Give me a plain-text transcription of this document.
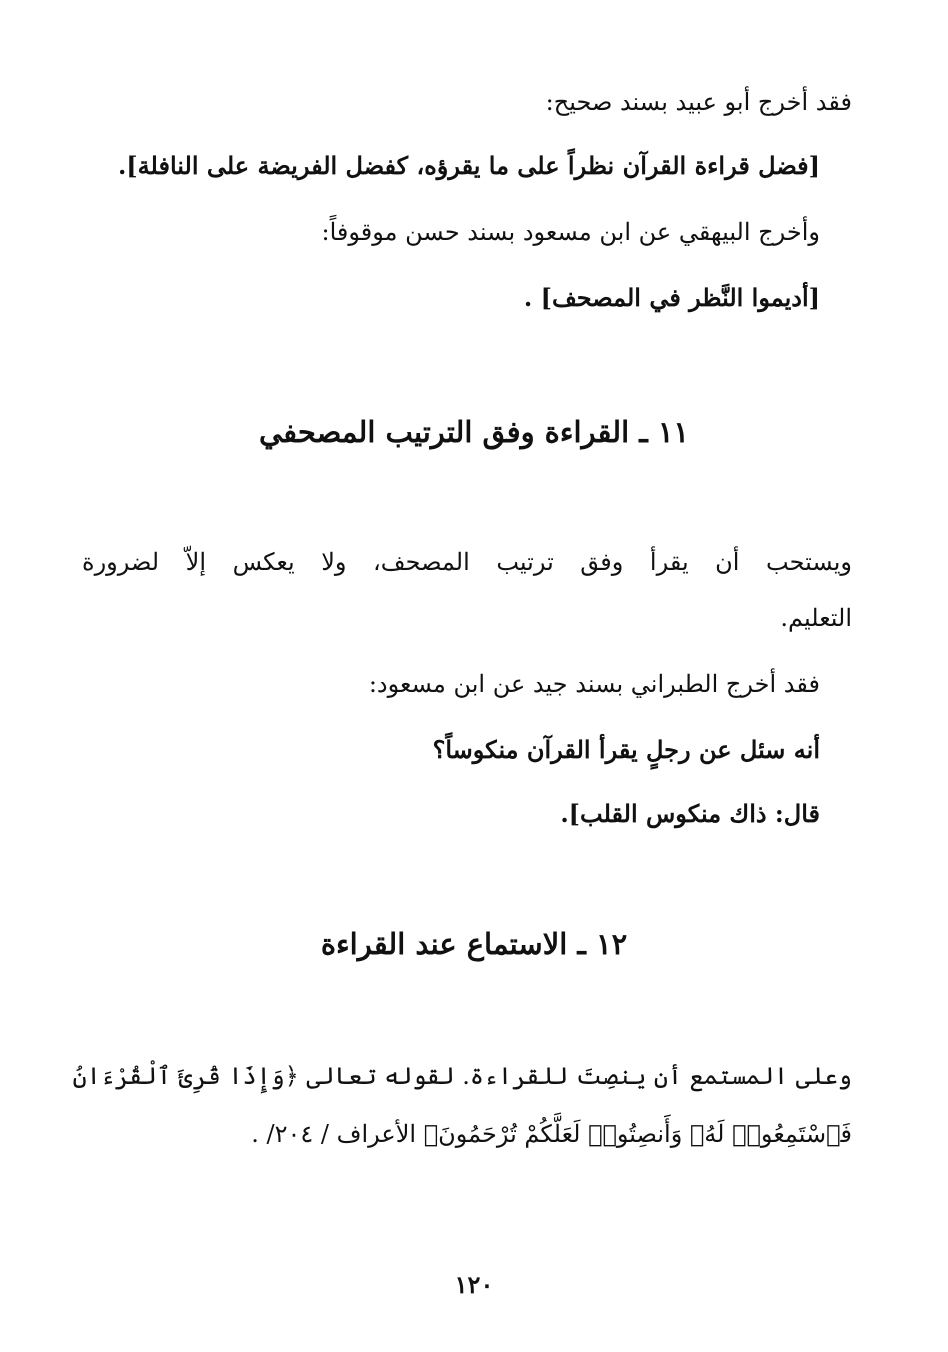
فقد أخرج أبو عبيد بسند صحيح:
[فضل قراءة القرآن نظراً على ما يقرؤه، كفضل الفريضة على النافلة].
وأخرج البيهقي عن ابن مسعود بسند حسن موقوفاً:
[أديموا النَّظر في المصحف] .
١١ ـ القراءة وفق الترتيب المصحفي
ويستحب أن يقرأ وفق ترتيب المصحف، ولا يعكس إلاّ لضرورة
التعليم.
فقد أخرج الطبراني بسند جيد عن ابن مسعود:
أنه سئل عن رجلٍ يقرأ القرآن منكوساً؟
قال: ذاك منكوس القلب].
١٢ ـ الاستماع عند القراءة
وعلى المستمع أن ينصِتَ للقراءة. لقوله تعالى ﴿وَإِذَا قُرِئَ ٱلْقُرْءَانُ
فَٱسْتَمِعُوا۟ لَهُۥ وَأَنصِتُوا۟ لَعَلَّكُمْ تُرْحَمُونَ﴾ الأعراف / ٢٠٤/ .
١٢٠
